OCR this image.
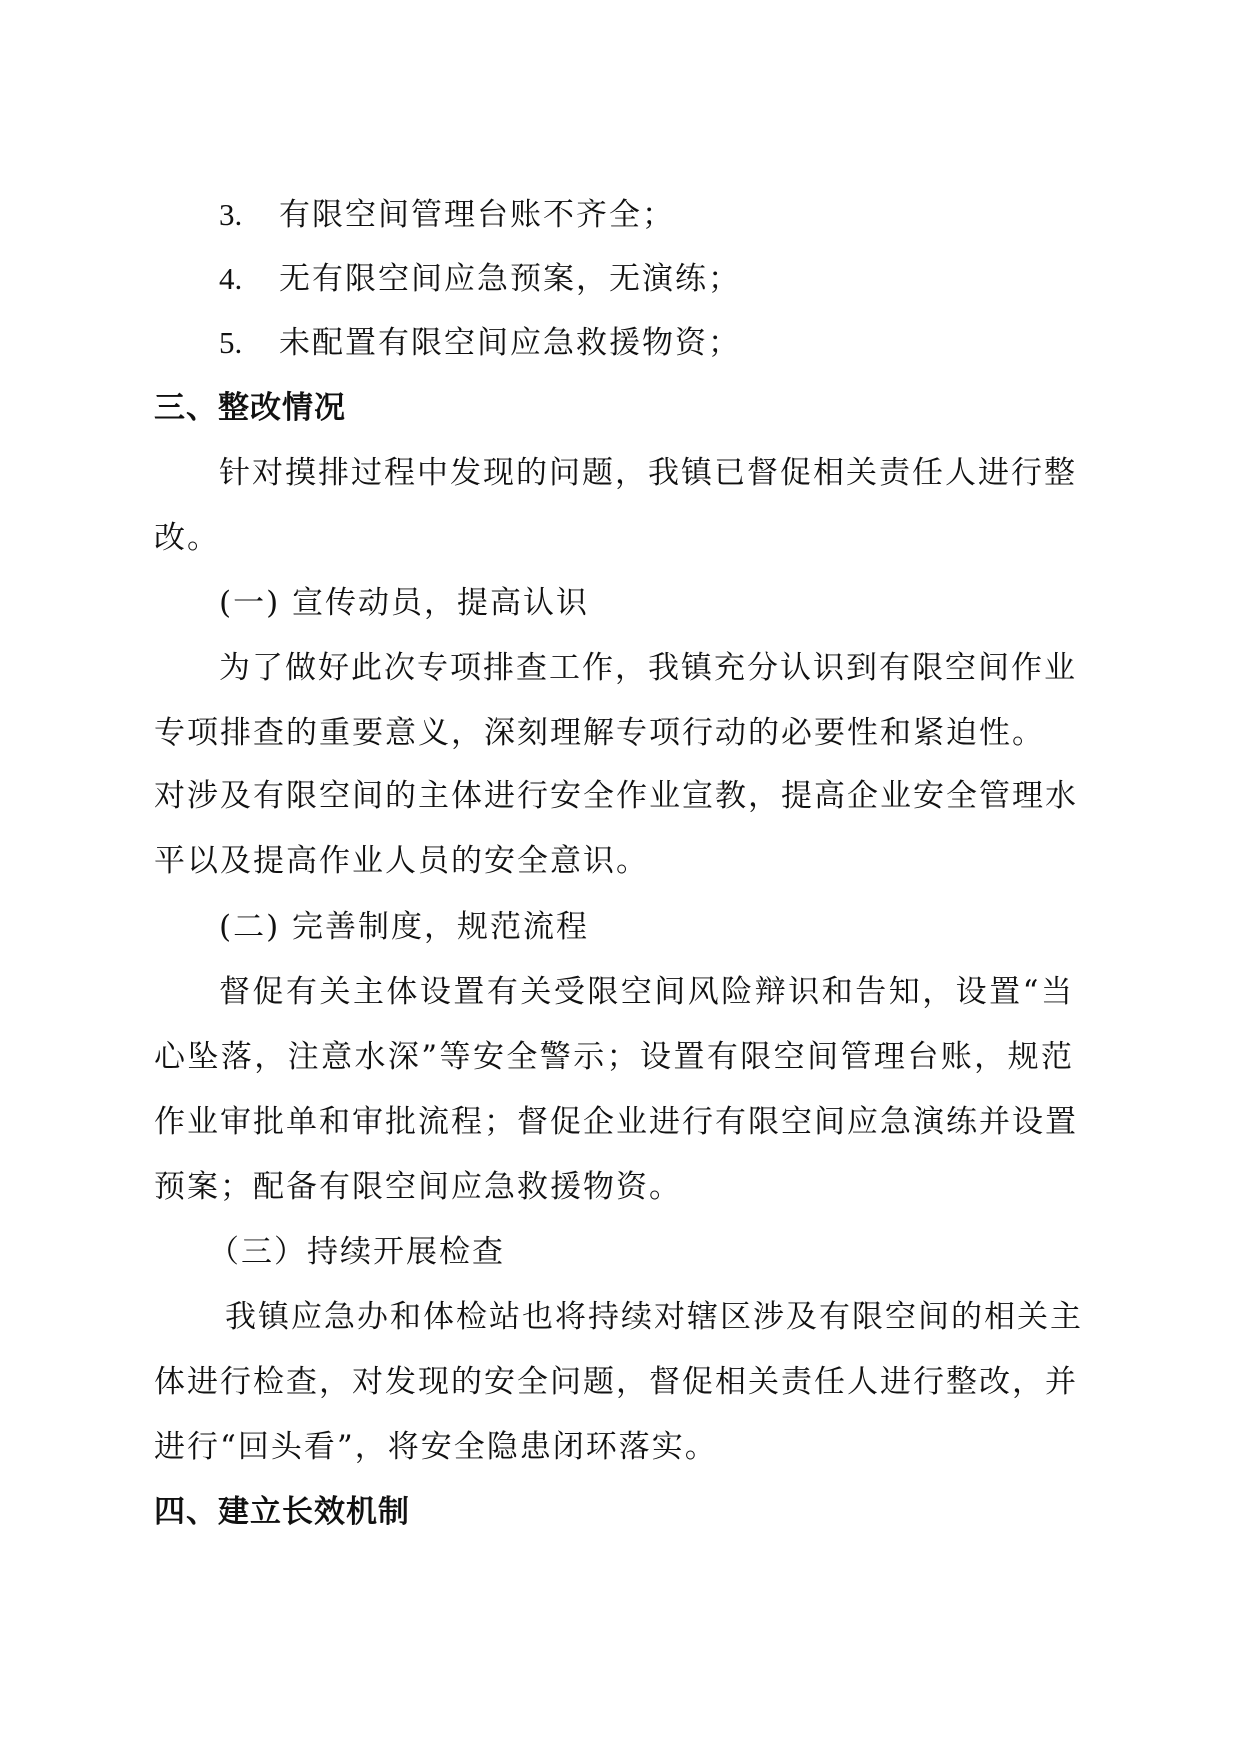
3. 有限空间管理台账不齐全；
4. 无有限空间应急预案，无演练；
5. 未配置有限空间应急救援物资；
三、整改情况
针对摸排过程中发现的问题，我镇已督促相关责任人进行整
改。
(一) 宣传动员，提高认识
为了做好此次专项排查工作，我镇充分认识到有限空间作业
专项排查的重要意义，深刻理解专项行动的必要性和紧迫性。
对涉及有限空间的主体进行安全作业宣教，提高企业安全管理水
平以及提高作业人员的安全意识。
(二) 完善制度，规范流程
督促有关主体设置有关受限空间风险辩识和告知，设置“当
心坠落，注意水深”等安全警示；设置有限空间管理台账，规范
作业审批单和审批流程；督促企业进行有限空间应急演练并设置
预案；配备有限空间应急救援物资。
（三）持续开展检查
我镇应急办和体检站也将持续对辖区涉及有限空间的相关主
体进行检查，对发现的安全问题，督促相关责任人进行整改，并
进行“回头看”，将安全隐患闭环落实。
四、建立长效机制
